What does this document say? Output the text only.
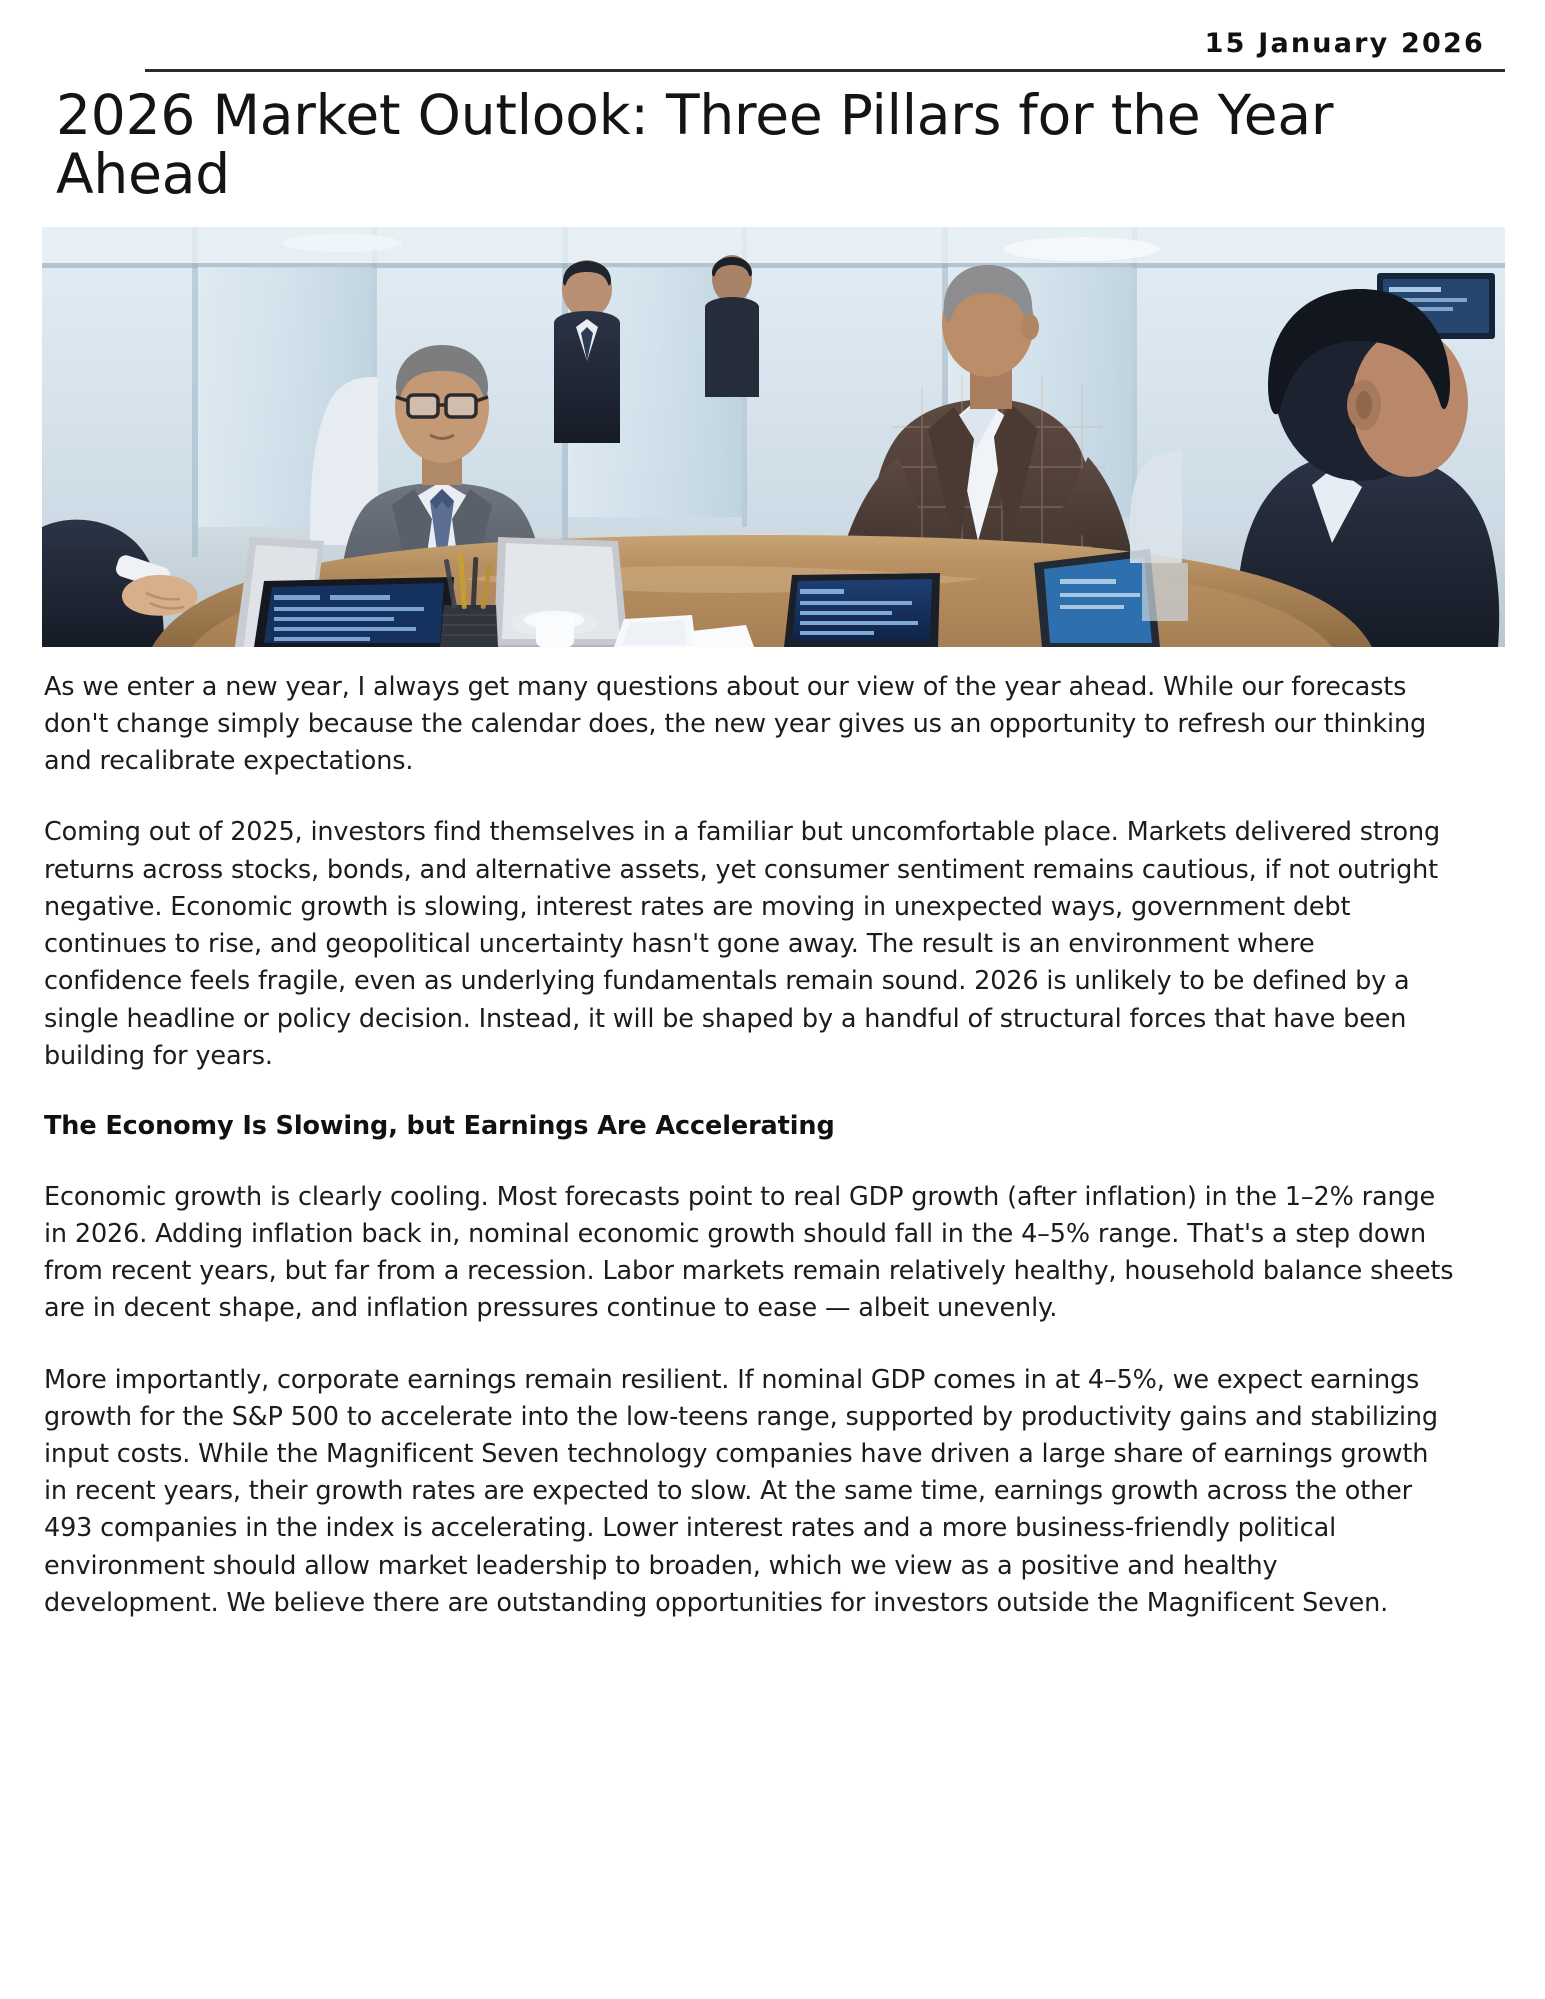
15 January 2026
2026 Market Outlook: Three Pillars for the Year Ahead

As we enter a new year, I always get many questions about our view of the year ahead. While our forecasts don't change simply because the calendar does, the new year gives us an opportunity to refresh our thinking and recalibrate expectations.

Coming out of 2025, investors find themselves in a familiar but uncomfortable place. Markets delivered strong returns across stocks, bonds, and alternative assets, yet consumer sentiment remains cautious, if not outright negative. Economic growth is slowing, interest rates are moving in unexpected ways, government debt continues to rise, and geopolitical uncertainty hasn't gone away. The result is an environment where confidence feels fragile, even as underlying fundamentals remain sound. 2026 is unlikely to be defined by a single headline or policy decision. Instead, it will be shaped by a handful of structural forces that have been building for years.

The Economy Is Slowing, but Earnings Are Accelerating

Economic growth is clearly cooling. Most forecasts point to real GDP growth (after inflation) in the 1–2% range in 2026. Adding inflation back in, nominal economic growth should fall in the 4–5% range. That's a step down from recent years, but far from a recession. Labor markets remain relatively healthy, household balance sheets are in decent shape, and inflation pressures continue to ease — albeit unevenly.

More importantly, corporate earnings remain resilient. If nominal GDP comes in at 4–5%, we expect earnings growth for the S&P 500 to accelerate into the low-teens range, supported by productivity gains and stabilizing input costs. While the Magnificent Seven technology companies have driven a large share of earnings growth in recent years, their growth rates are expected to slow. At the same time, earnings growth across the other 493 companies in the index is accelerating. Lower interest rates and a more business-friendly political environment should allow market leadership to broaden, which we view as a positive and healthy development. We believe there are outstanding opportunities for investors outside the Magnificent Seven.
